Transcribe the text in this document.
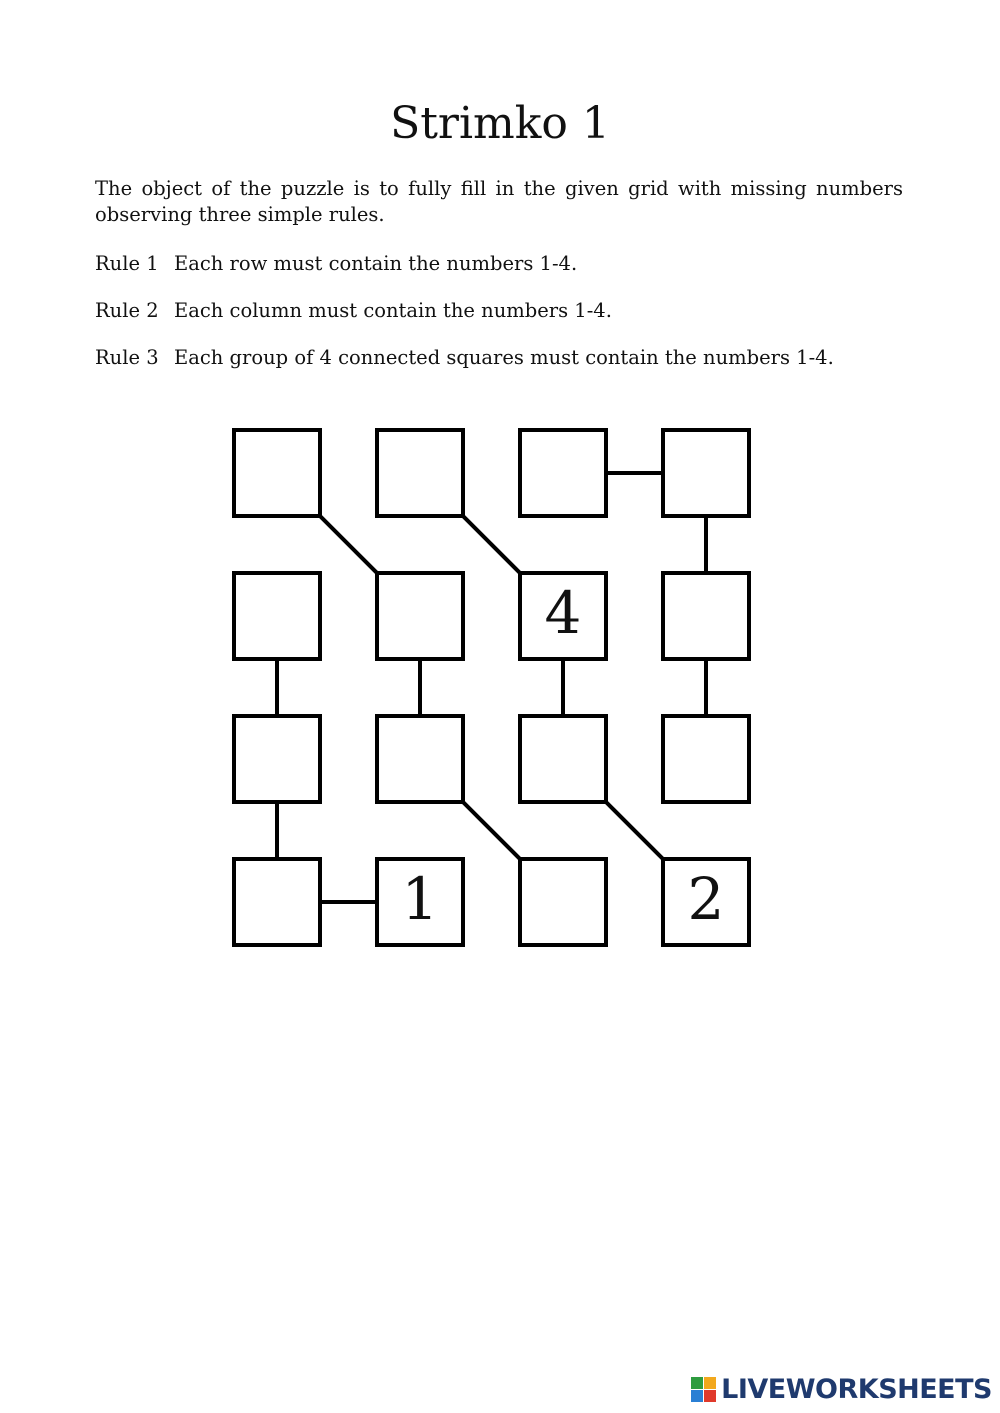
Strimko 1

The object of the puzzle is to fully fill in the given grid with missing numbers observing three simple rules.

Rule 1 Each row must contain the numbers 1-4.

Rule 2 Each column must contain the numbers 1-4.

Rule 3 Each group of 4 connected squares must contain the numbers 1-4.

4
1	2
LIVEWORKSHEETS
